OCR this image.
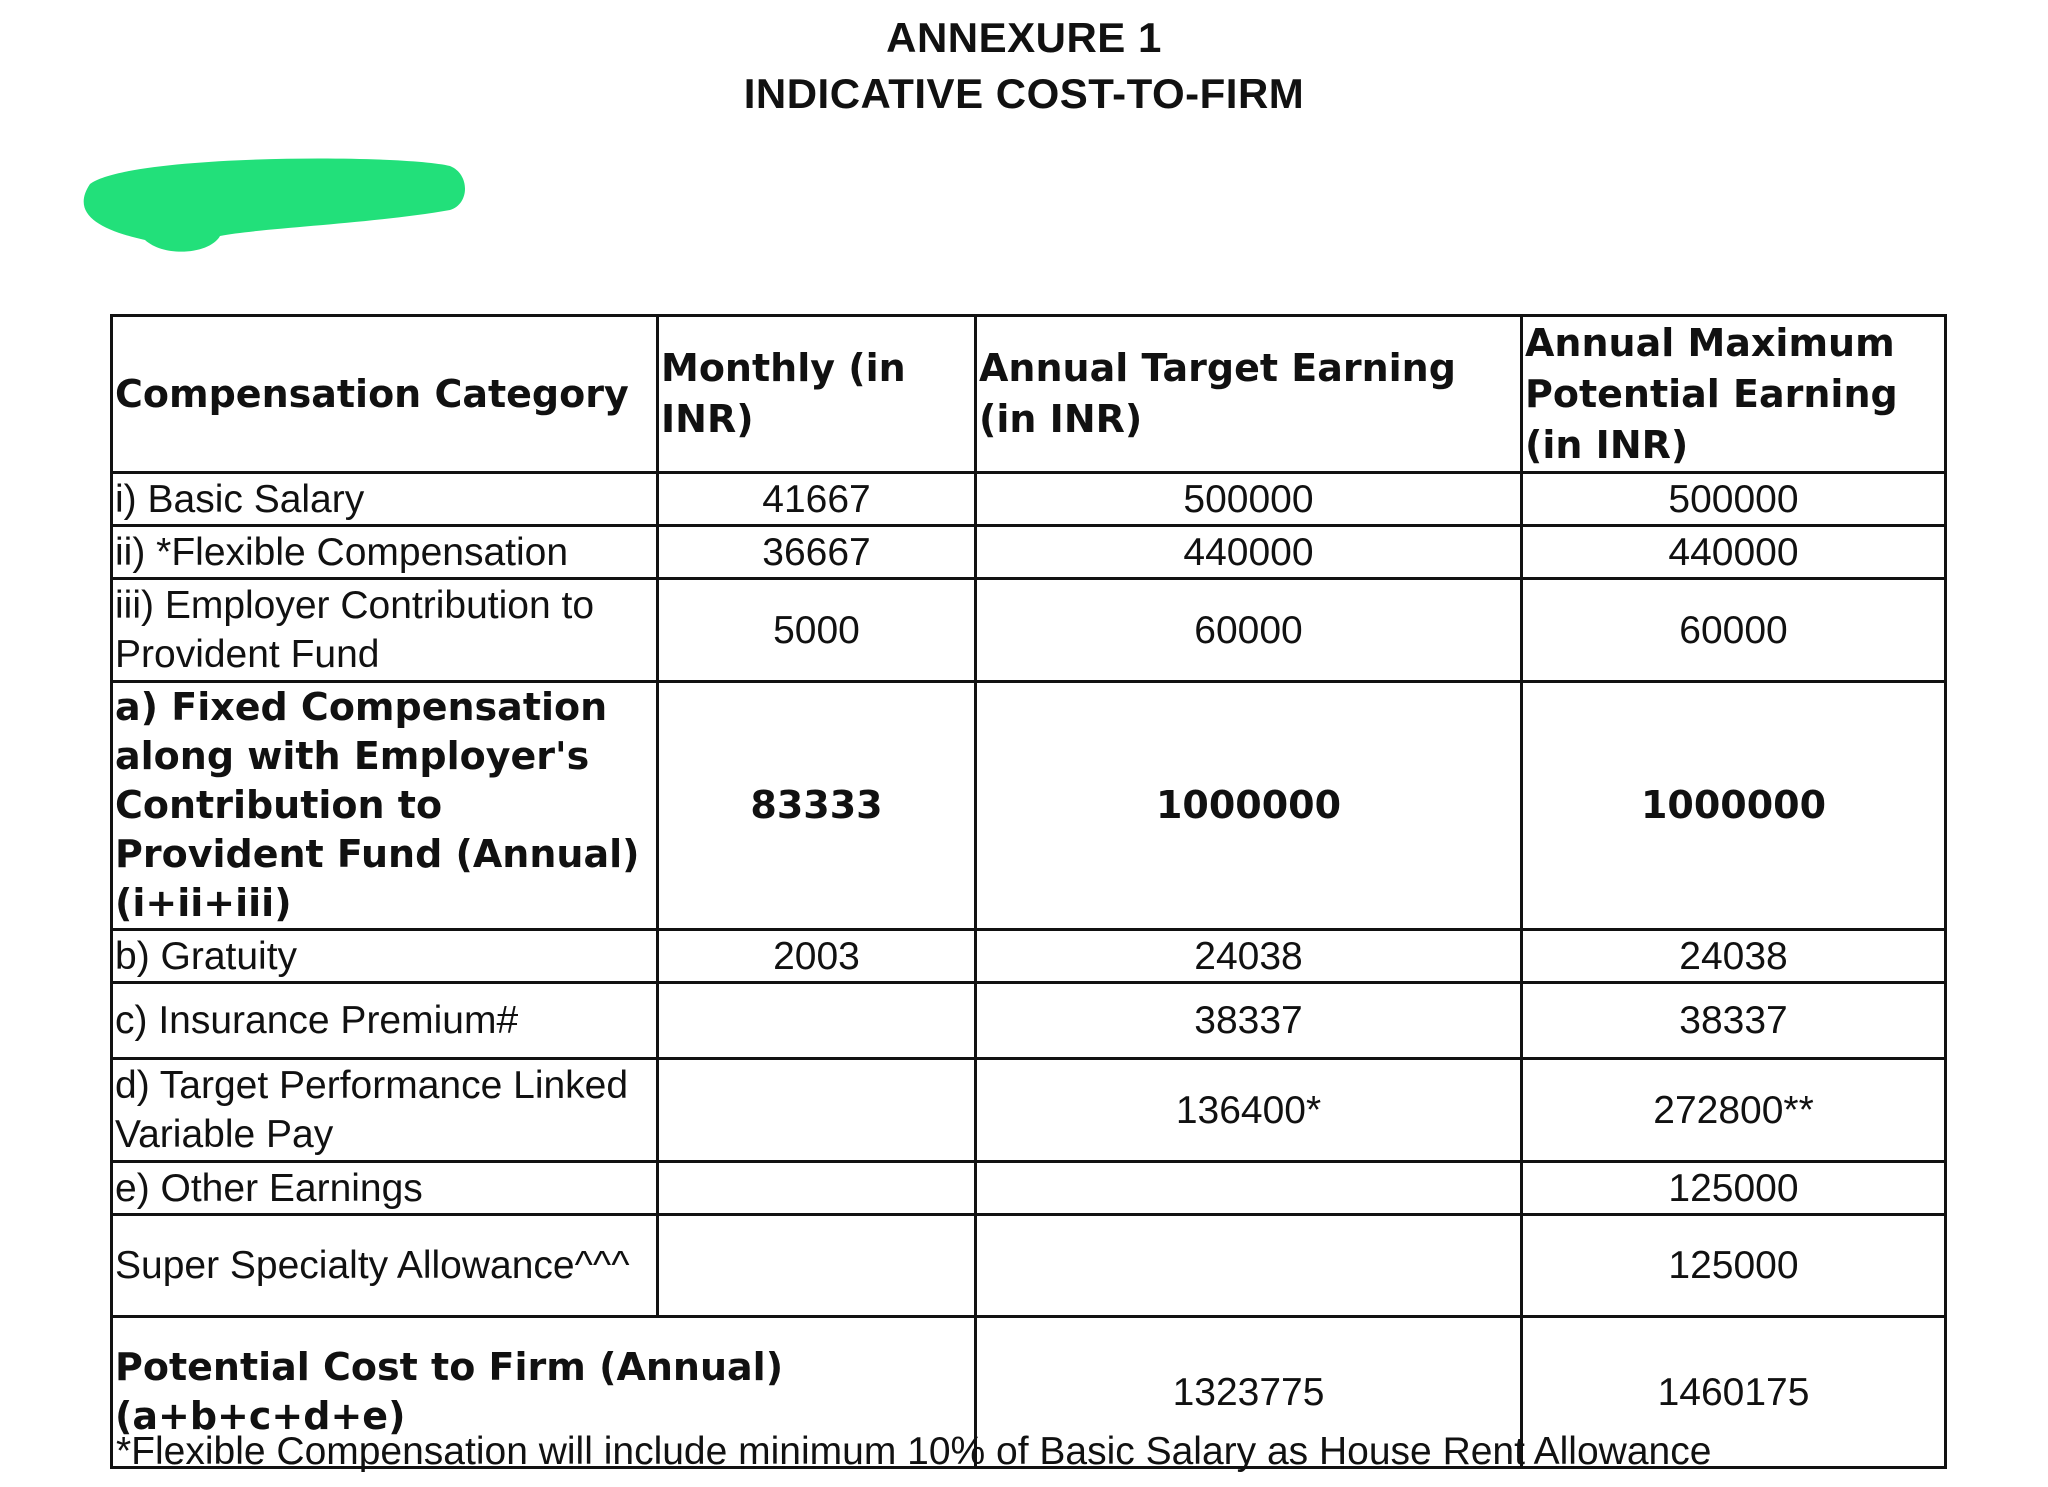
ANNEXURE 1
INDICATIVE COST-TO-FIRM
Compensation Category	Monthly (in INR)	Annual Target Earning (in INR)	Annual Maximum Potential Earning (in INR)
i) Basic Salary	41667	500000	500000
ii) *Flexible Compensation	36667	440000	440000
iii) Employer Contribution to Provident Fund	5000	60000	60000
a) Fixed Compensation along with Employer's Contribution to Provident Fund (Annual) (i+ii+iii)	83333	1000000	1000000
b) Gratuity	2003	24038	24038
c) Insurance Premium#		38337	38337
d) Target Performance Linked Variable Pay		136400*	272800**
e) Other Earnings			125000
Super Specialty Allowance^^^			125000
Potential Cost to Firm (Annual) (a+b+c+d+e)		1323775	1460175
*Flexible Compensation will include minimum 10% of Basic Salary as House Rent Allowance
